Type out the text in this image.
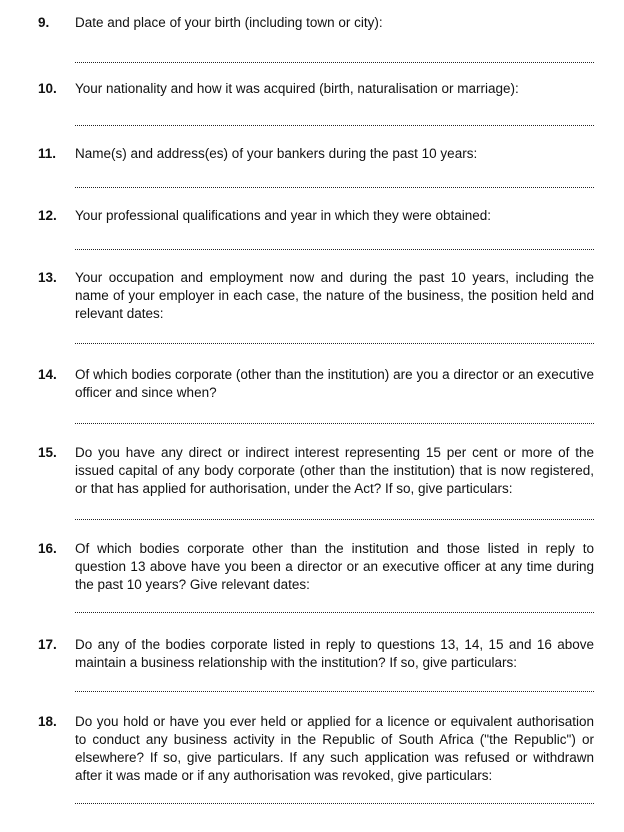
9. Date and place of your birth (including town or city):
10. Your nationality and how it was acquired (birth, naturalisation or marriage):
11. Name(s) and address(es) of your bankers during the past 10 years:
12. Your professional qualifications and year in which they were obtained:
13. Your occupation and employment now and during the past 10 years, including the name of your employer in each case, the nature of the business, the position held and relevant dates:
14. Of which bodies corporate (other than the institution) are you a director or an executive officer and since when?
15. Do you have any direct or indirect interest representing 15 per cent or more of the issued capital of any body corporate (other than the institution) that is now registered, or that has applied for authorisation, under the Act? If so, give particulars:
16. Of which bodies corporate other than the institution and those listed in reply to question 13 above have you been a director or an executive officer at any time during the past 10 years? Give relevant dates:
17. Do any of the bodies corporate listed in reply to questions 13, 14, 15 and 16 above maintain a business relationship with the institution? If so, give particulars:
18. Do you hold or have you ever held or applied for a licence or equivalent authorisation to conduct any business activity in the Republic of South Africa ("the Republic") or elsewhere? If so, give particulars. If any such application was refused or withdrawn after it was made or if any authorisation was revoked, give particulars:
